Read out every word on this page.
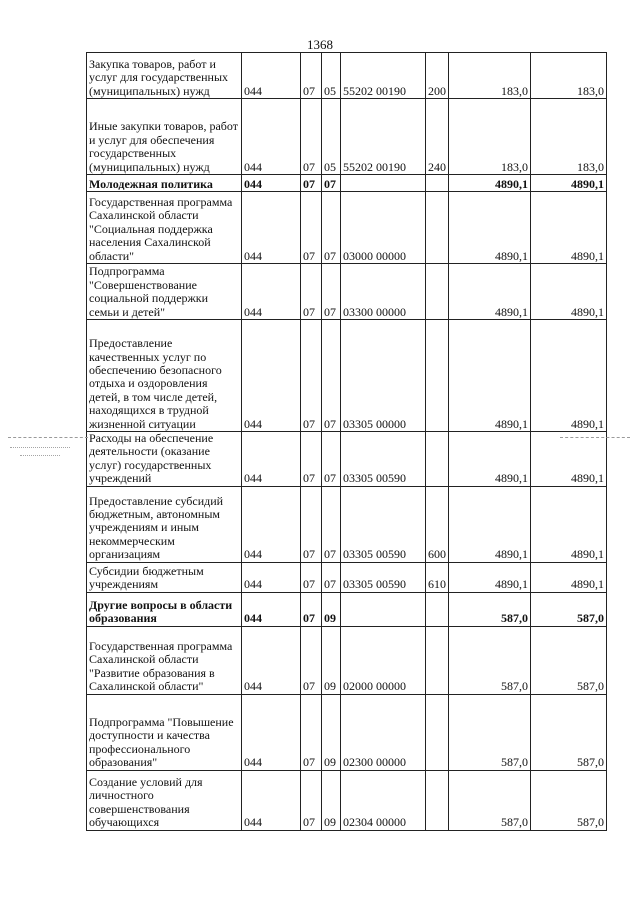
1368
Закупка товаров, работ и услуг для государственных (муниципальных) нужд	044	07	05	55202 00190	200	183,0	183,0
Иные закупки товаров, работ и услуг для обеспечения государственных (муниципальных) нужд	044	07	05	55202 00190	240	183,0	183,0
Молодежная политика	044	07	07			4890,1	4890,1
Государственная программа Сахалинской области "Социальная поддержка населения Сахалинской области"	044	07	07	03000 00000		4890,1	4890,1
Подпрограмма "Совершенствование социальной поддержки семьи и детей"	044	07	07	03300 00000		4890,1	4890,1
Предоставление качественных услуг по обеспечению безопасного отдыха и оздоровления детей, в том числе детей, находящихся в трудной жизненной ситуации	044	07	07	03305 00000		4890,1	4890,1
Расходы на обеспечение деятельности (оказание услуг) государственных учреждений	044	07	07	03305 00590		4890,1	4890,1
Предоставление субсидий бюджетным, автономным учреждениям и иным некоммерческим организациям	044	07	07	03305 00590	600	4890,1	4890,1
Субсидии бюджетным учреждениям	044	07	07	03305 00590	610	4890,1	4890,1
Другие вопросы в области образования	044	07	09			587,0	587,0
Государственная программа Сахалинской области "Развитие образования в Сахалинской области"	044	07	09	02000 00000		587,0	587,0
Подпрограмма "Повышение доступности и качества профессионального образования"	044	07	09	02300 00000		587,0	587,0
Создание условий для личностного совершенствования обучающихся	044	07	09	02304 00000		587,0	587,0
